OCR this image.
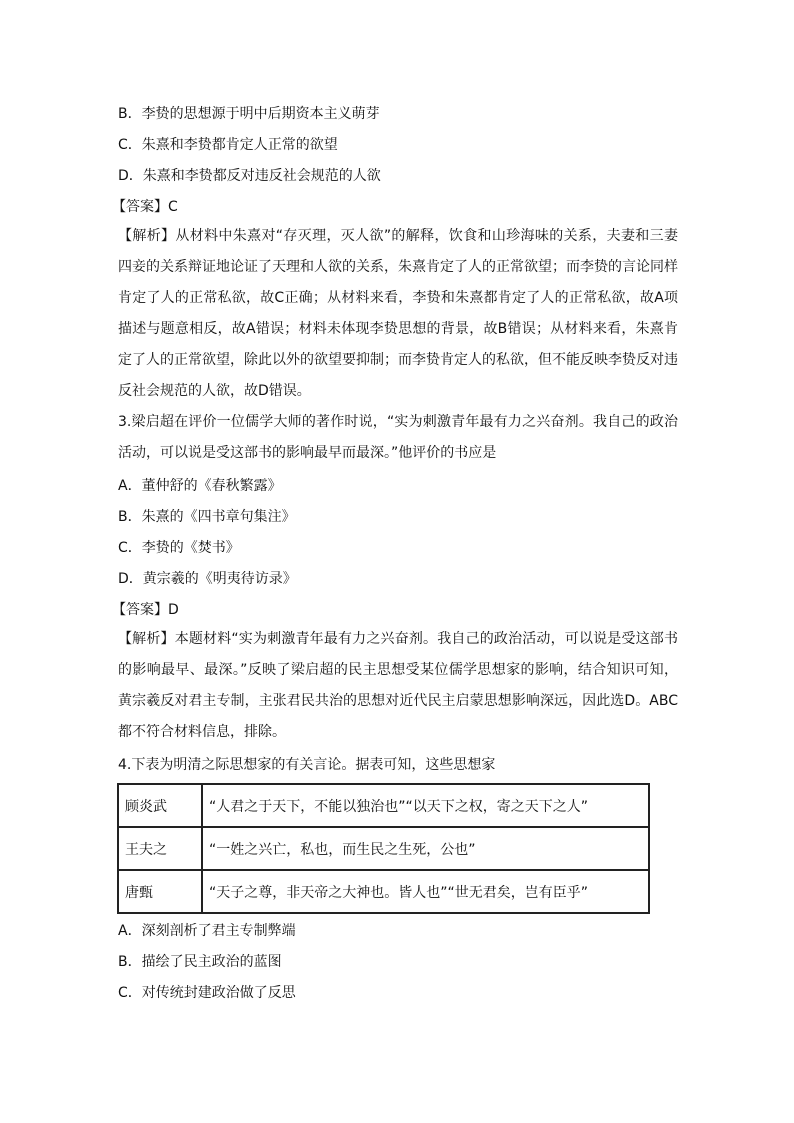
B．李贽的思想源于明中后期资本主义萌芽
C．朱熹和李贽都肯定人正常的欲望
D．朱熹和李贽都反对违反社会规范的人欲
【答案】C
【解析】从材料中朱熹对“存灭理，灭人欲”的解释，饮食和山珍海味的关系，夫妻和三妻四妾的关系辩证地论证了天理和人欲的关系，朱熹肯定了人的正常欲望；而李贽的言论同样肯定了人的正常私欲，故C正确；从材料来看，李贽和朱熹都肯定了人的正常私欲，故A项描述与题意相反，故A错误；材料未体现李贽思想的背景，故B错误；从材料来看，朱熹肯定了人的正常欲望，除此以外的欲望要抑制；而李贽肯定人的私欲，但不能反映李贽反对违反社会规范的人欲，故D错误。
3.梁启超在评价一位儒学大师的著作时说，“实为刺激青年最有力之兴奋剂。我自己的政治活动，可以说是受这部书的影响最早而最深。”他评价的书应是
A．董仲舒的《春秋繁露》
B．朱熹的《四书章句集注》
C．李贽的《焚书》
D．黄宗羲的《明夷待访录》
【答案】D
【解析】本题材料“实为刺激青年最有力之兴奋剂。我自己的政治活动，可以说是受这部书的影响最早、最深。”反映了梁启超的民主思想受某位儒学思想家的影响，结合知识可知，黄宗羲反对君主专制，主张君民共治的思想对近代民主启蒙思想影响深远，因此选D。ABC都不符合材料信息，排除。
4.下表为明清之际思想家的有关言论。据表可知，这些思想家
顾炎武	“人君之于天下，不能以独治也”“以天下之权，寄之天下之人”
王夫之	“一姓之兴亡，私也，而生民之生死，公也”
唐甄	“天子之尊，非天帝之大神也。皆人也”“世无君矣，岂有臣乎”
A．深刻剖析了君主专制弊端
B．描绘了民主政治的蓝图
C．对传统封建政治做了反思
